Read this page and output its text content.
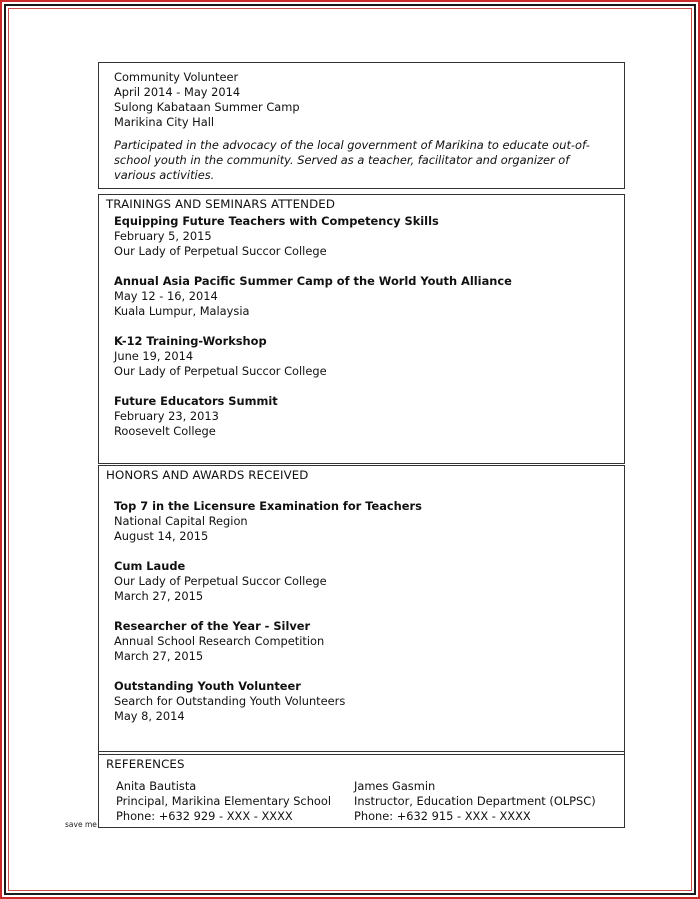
Community Volunteer
April 2014 - May 2014
Sulong Kabataan Summer Camp
Marikina City Hall
Participated in the advocacy of the local government of Marikina to educate out-of-school youth in the community. Served as a teacher, facilitator and organizer of various activities.
TRAININGS AND SEMINARS ATTENDED
Equipping Future Teachers with Competency Skills
February 5, 2015
Our Lady of Perpetual Succor College
Annual Asia Pacific Summer Camp of the World Youth Alliance
May 12 - 16, 2014
Kuala Lumpur, Malaysia
K-12 Training-Workshop
June 19, 2014
Our Lady of Perpetual Succor College
Future Educators Summit
February 23, 2013
Roosevelt College
HONORS AND AWARDS RECEIVED
Top 7 in the Licensure Examination for Teachers
National Capital Region
August 14, 2015
Cum Laude
Our Lady of Perpetual Succor College
March 27, 2015
Researcher of the Year - Silver
Annual School Research Competition
March 27, 2015
Outstanding Youth Volunteer
Search for Outstanding Youth Volunteers
May 8, 2014
REFERENCES
Anita Bautista
Principal, Marikina Elementary School
Phone: +632 929 - XXX - XXXX
James Gasmin
Instructor, Education Department (OLPSC)
Phone: +632 915 - XXX - XXXX
save me
